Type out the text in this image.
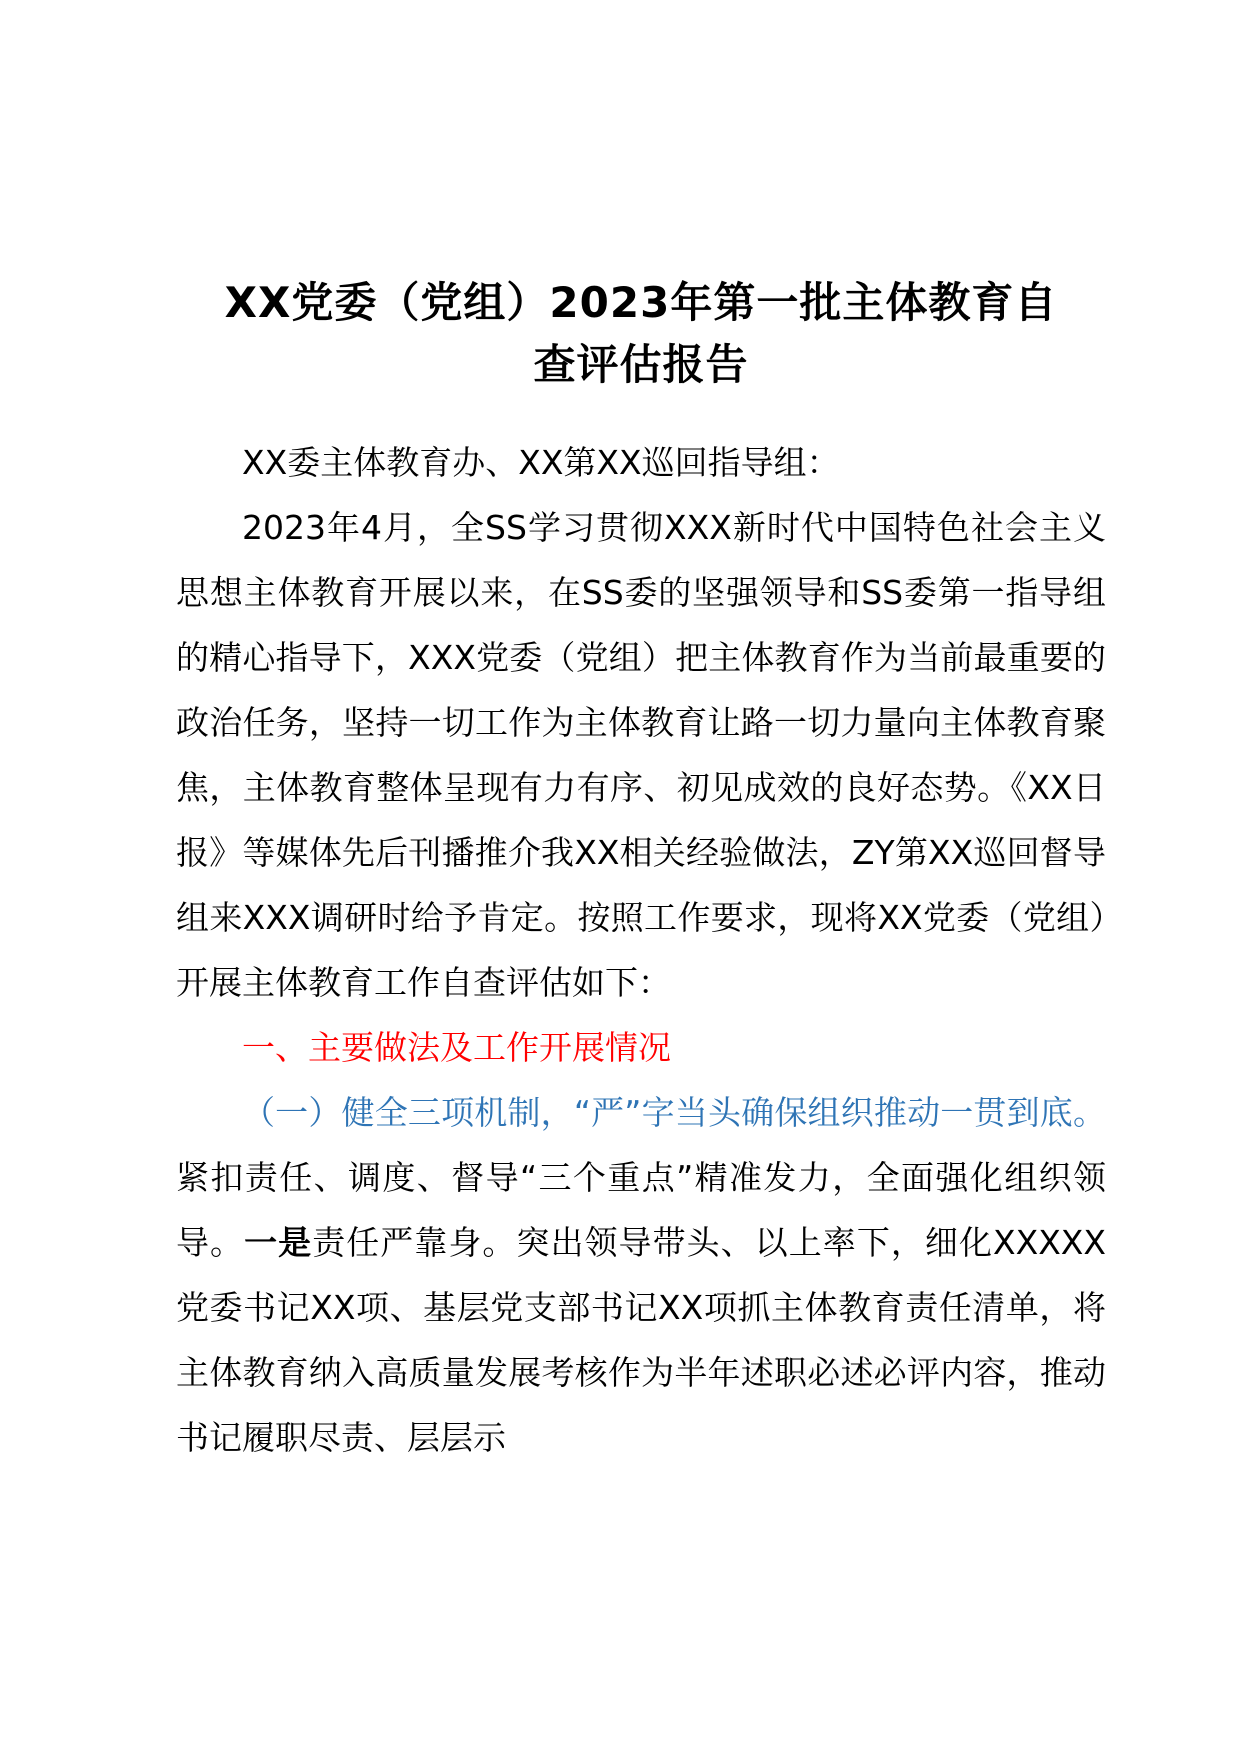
XX党委（党组）2023年第一批主体教育自
查评估报告

XX委主体教育办、XX第XX巡回指导组：

2023年4月，全SS学习贯彻XXX新时代中国特色社会主义思想主体教育开展以来，在SS委的坚强领导和SS委第一指导组的精心指导下，XXX党委（党组）把主体教育作为当前最重要的政治任务，坚持一切工作为主体教育让路一切力量向主体教育聚焦，主体教育整体呈现有力有序、初见成效的良好态势。《XX日报》等媒体先后刊播推介我XX相关经验做法，ZY第XX巡回督导组来XXX调研时给予肯定。按照工作要求，现将XX党委（党组）开展主体教育工作自查评估如下：

一、主要做法及工作开展情况

（一）健全三项机制，“严”字当头确保组织推动一贯到底。紧扣责任、调度、督导“三个重点”精准发力，全面强化组织领导。一是责任严靠身。突出领导带头、以上率下，细化XXXXX党委书记XX项、基层党支部书记XX项抓主体教育责任清单，将主体教育纳入高质量发展考核作为半年述职必述必评内容，推动书记履职尽责、层层示
